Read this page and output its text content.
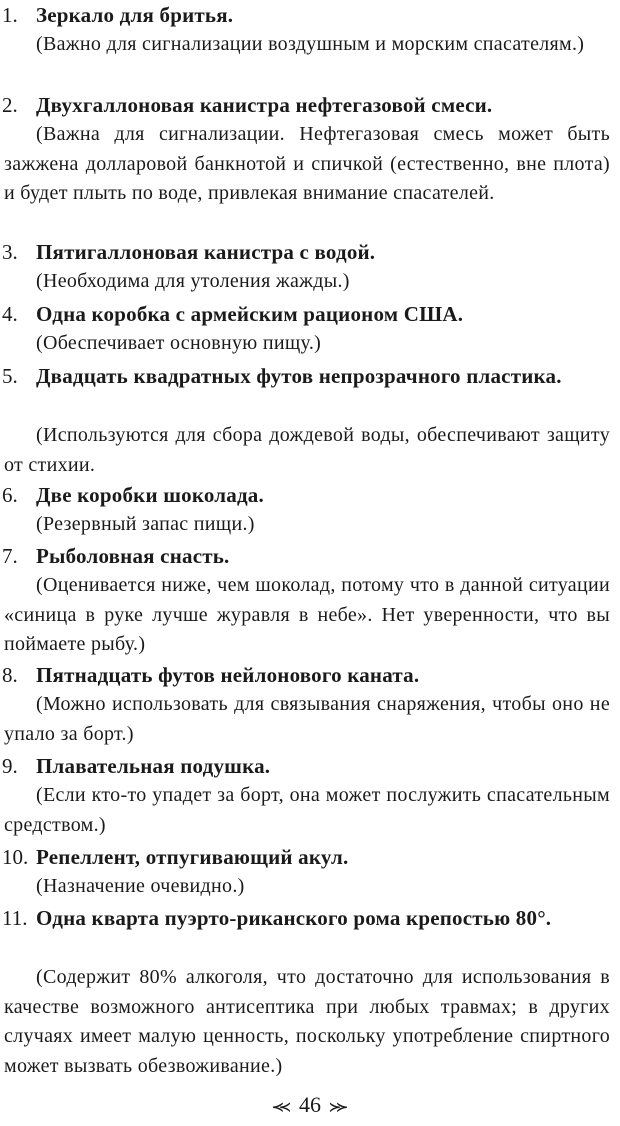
1. Зеркало для бритья.
(Важно для сигнализации воздушным и морским спасателям.)
2. Двухгаллоновая канистра нефтегазовой смеси.
(Важна для сигнализации. Нефтегазовая смесь может быть зажжена долларовой банкнотой и спичкой (естественно, вне плота) и будет плыть по воде, привлекая внимание спасателей.
3. Пятигаллоновая канистра с водой.
(Необходима для утоления жажды.)
4. Одна коробка с армейским рационом США.
(Обеспечивает основную пищу.)
5. Двадцать квадратных футов непрозрачного пластика.
(Используются для сбора дождевой воды, обеспечивают защиту от стихии.
6. Две коробки шоколада.
(Резервный запас пищи.)
7. Рыболовная снасть.
(Оценивается ниже, чем шоколад, потому что в данной ситуации «синица в руке лучше журавля в небе». Нет уверенности, что вы поймаете рыбу.)
8. Пятнадцать футов нейлонового каната.
(Можно использовать для связывания снаряжения, чтобы оно не упало за борт.)
9. Плавательная подушка.
(Если кто-то упадет за борт, она может послужить спасательным средством.)
10. Репеллент, отпугивающий акул.
(Назначение очевидно.)
11. Одна кварта пуэрто-риканского рома крепостью 80°.
(Содержит 80% алкоголя, что достаточно для использования в качестве возможного антисептика при любых травмах; в других случаях имеет малую ценность, поскольку употребление спиртного может вызвать обезвоживание.)
⪻ 46 ⪼
